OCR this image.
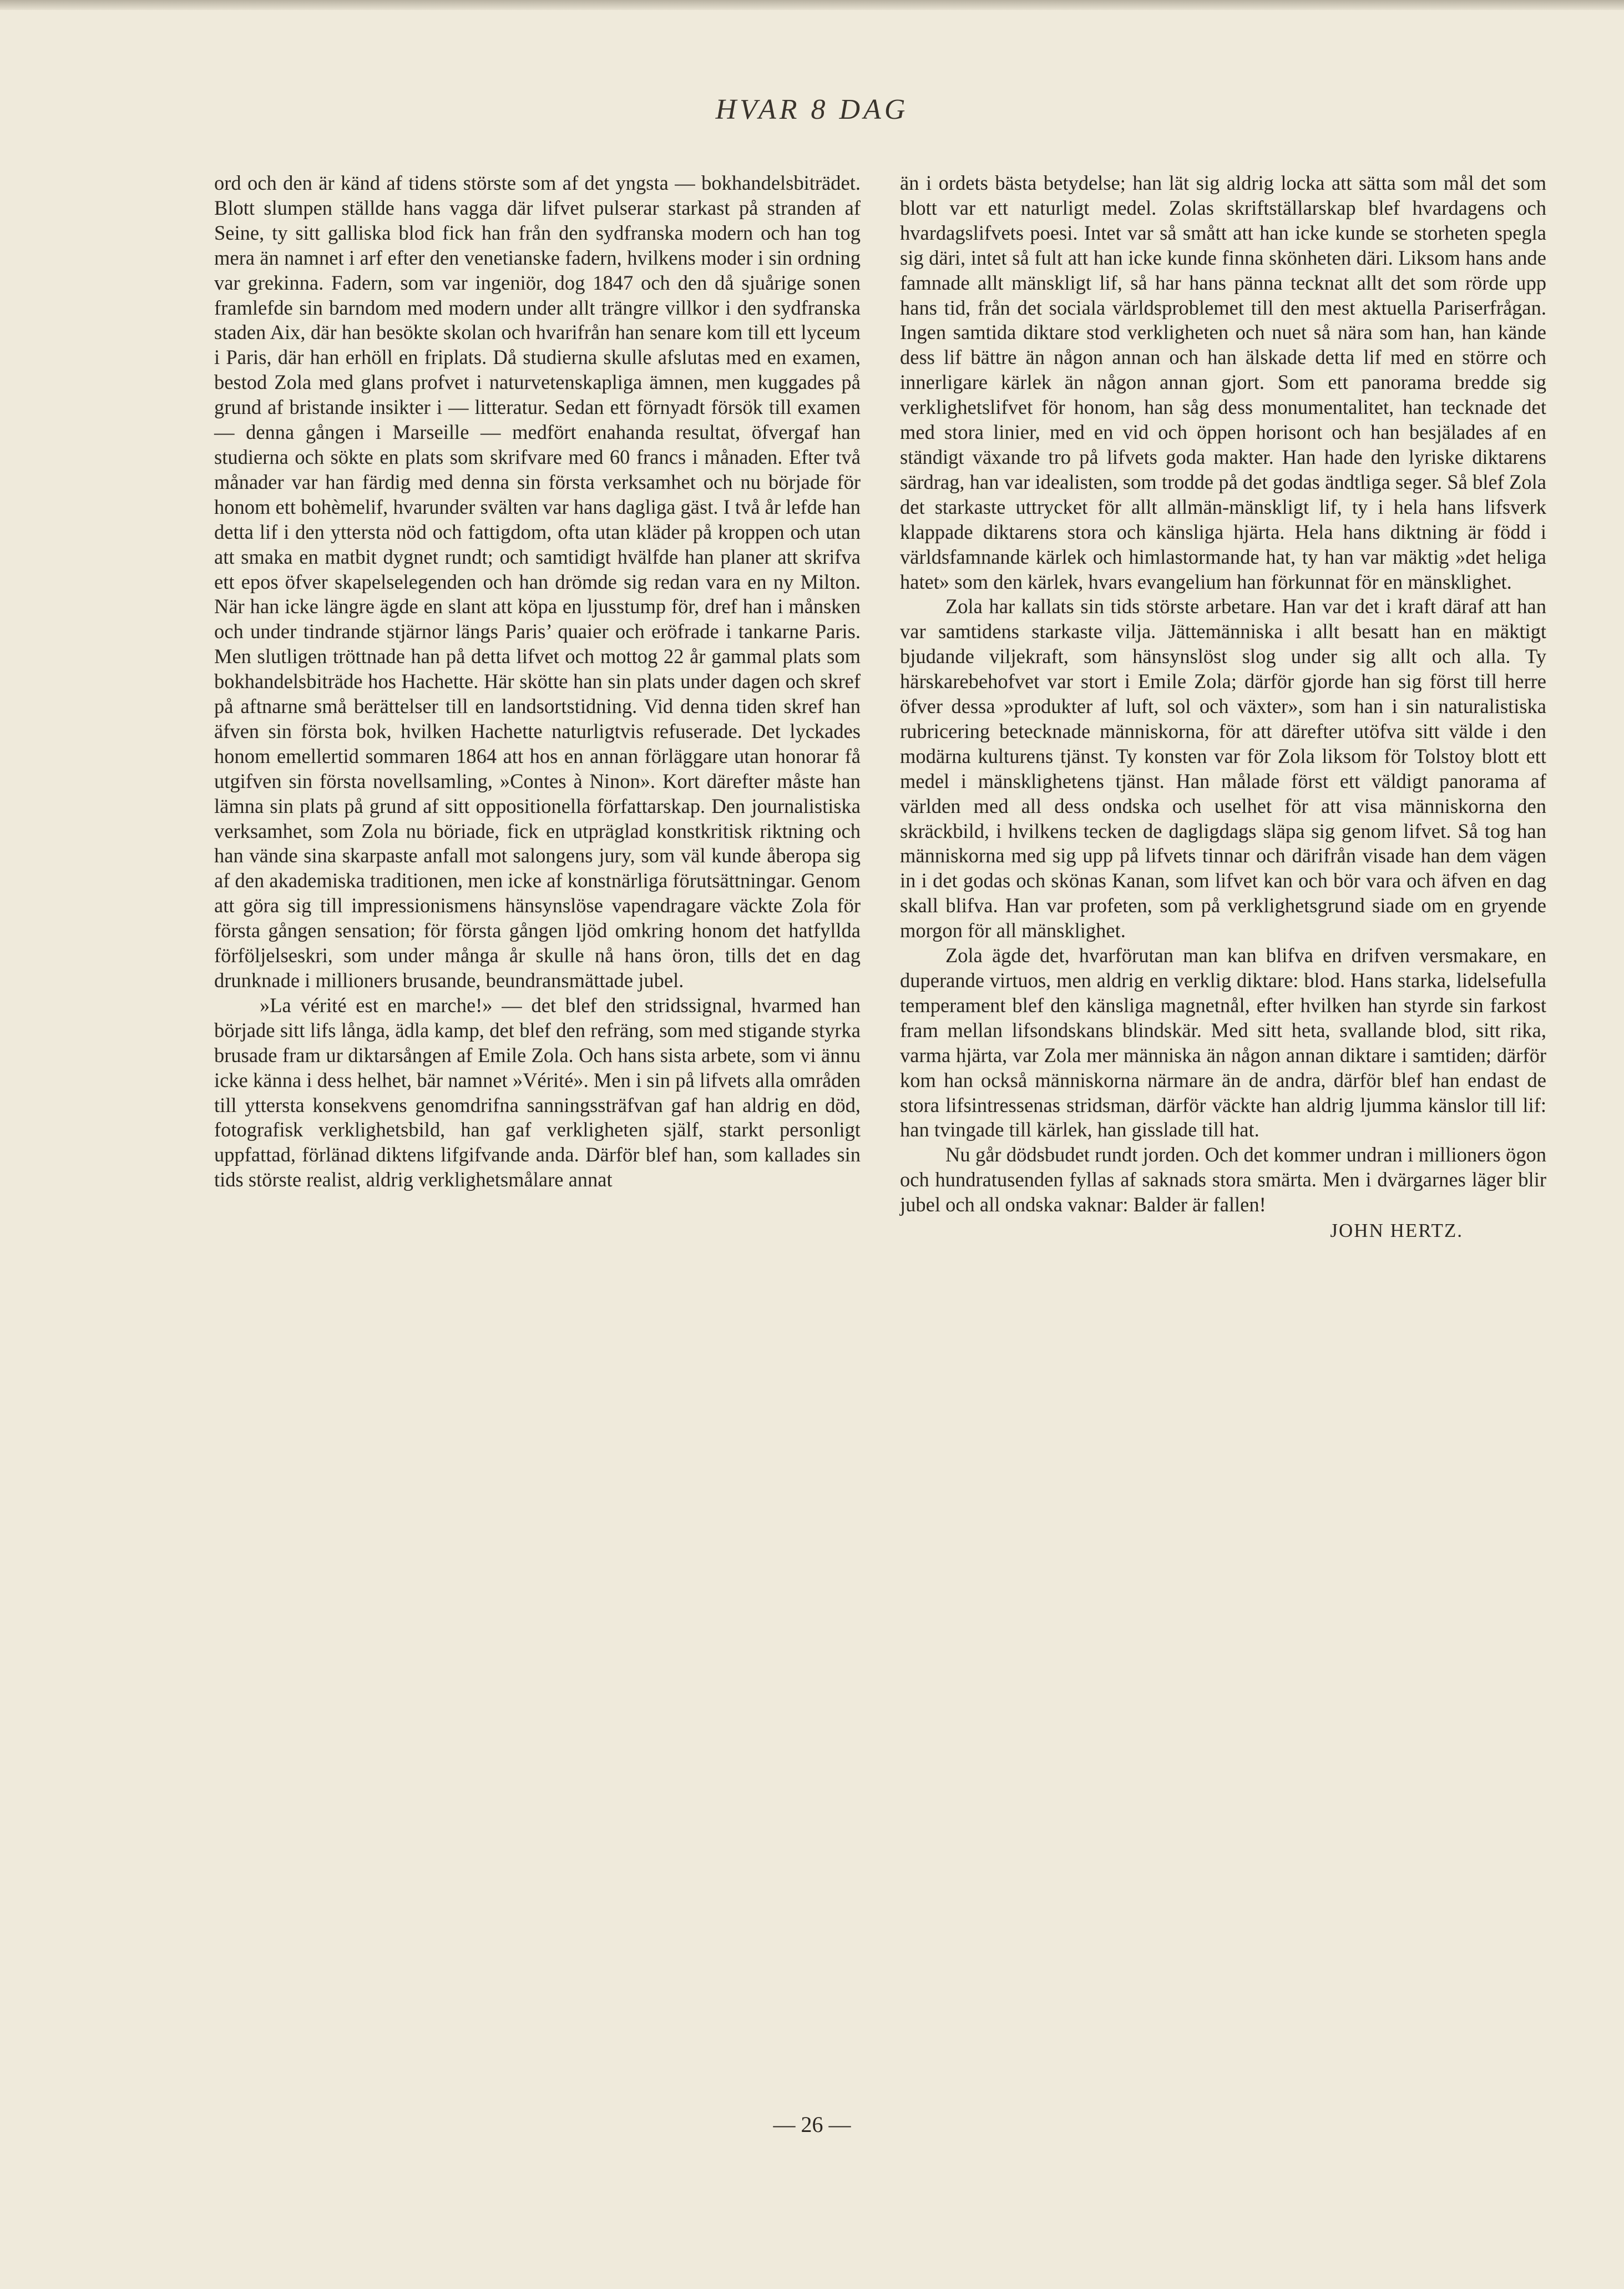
HVAR 8 DAG

ord och den är känd af tidens störste som af det yngsta — bokhandelsbiträdet. Blott slumpen ställde hans vagga där lifvet pulserar starkast på stranden af Seine, ty sitt galliska blod fick han från den sydfranska modern och han tog mera än namnet i arf efter den venetianske fadern, hvilkens moder i sin ordning var grekinna. Fadern, som var ingeniör, dog 1847 och den då sjuårige sonen framlefde sin barndom med modern under allt trängre villkor i den sydfranska staden Aix, där han besökte skolan och hvarifrån han senare kom till ett lyceum i Paris, där han erhöll en friplats. Då studierna skulle afslutas med en examen, bestod Zola med glans profvet i naturvetenskapliga ämnen, men kuggades på grund af bristande insikter i — litteratur. Sedan ett förnyadt försök till examen — denna gången i Marseille — medfört enahanda resultat, öfvergaf han studierna och sökte en plats som skrifvare med 60 francs i månaden. Efter två månader var han färdig med denna sin första verksamhet och nu började för honom ett bohèmelif, hvarunder svälten var hans dagliga gäst. I två år lefde han detta lif i den yttersta nöd och fattigdom, ofta utan kläder på kroppen och utan att smaka en matbit dygnet rundt; och samtidigt hvälfde han planer att skrifva ett epos öfver skapelselegenden och han drömde sig redan vara en ny Milton. När han icke längre ägde en slant att köpa en ljusstump för, dref han i månsken och under tindrande stjärnor längs Paris’ quaier och eröfrade i tankarne Paris. Men slutligen tröttnade han på detta lifvet och mottog 22 år gammal plats som bokhandelsbiträde hos Hachette. Här skötte han sin plats under dagen och skref på aftnarne små berättelser till en landsortstidning. Vid denna tiden skref han äfven sin första bok, hvilken Hachette naturligtvis refuserade. Det lyckades honom emellertid sommaren 1864 att hos en annan förläggare utan honorar få utgifven sin första novellsamling, »Contes à Ninon». Kort därefter måste han lämna sin plats på grund af sitt oppositionella författarskap. Den journalistiska verksamhet, som Zola nu böriade, fick en utpräglad konstkritisk riktning och han vände sina skarpaste anfall mot salongens jury, som väl kunde åberopa sig af den akademiska traditionen, men icke af konstnärliga förutsättningar. Genom att göra sig till impressionismens hänsynslöse vapendragare väckte Zola för första gången sensation; för första gången ljöd omkring honom det hatfyllda förföljelseskri, som under många år skulle nå hans öron, tills det en dag drunknade i millioners brusande, beundransmättade jubel.

»La vérité est en marche!» — det blef den stridssignal, hvarmed han började sitt lifs långa, ädla kamp, det blef den refräng, som med stigande styrka brusade fram ur diktarsången af Emile Zola. Och hans sista arbete, som vi ännu icke känna i dess helhet, bär namnet »Vérité». Men i sin på lifvets alla områden till yttersta konsekvens genomdrifna sanningssträfvan gaf han aldrig en död, fotografisk verklighetsbild, han gaf verkligheten själf, starkt personligt uppfattad, förlänad diktens lifgifvande anda. Därför blef han, som kallades sin tids störste realist, aldrig verklighetsmålare annat

än i ordets bästa betydelse; han lät sig aldrig locka att sätta som mål det som blott var ett naturligt medel. Zolas skriftställarskap blef hvardagens och hvardagslifvets poesi. Intet var så smått att han icke kunde se storheten spegla sig däri, intet så fult att han icke kunde finna skönheten däri. Liksom hans ande famnade allt mänskligt lif, så har hans pänna tecknat allt det som rörde upp hans tid, från det sociala världsproblemet till den mest aktuella Pariserfrågan. Ingen samtida diktare stod verkligheten och nuet så nära som han, han kände dess lif bättre än någon annan och han älskade detta lif med en större och innerligare kärlek än någon annan gjort. Som ett panorama bredde sig verklighetslifvet för honom, han såg dess monumentalitet, han tecknade det med stora linier, med en vid och öppen horisont och han besjälades af en ständigt växande tro på lifvets goda makter. Han hade den lyriske diktarens särdrag, han var idealisten, som trodde på det godas ändtliga seger. Så blef Zola det starkaste uttrycket för allt allmän-mänskligt lif, ty i hela hans lifsverk klappade diktarens stora och känsliga hjärta. Hela hans diktning är född i världsfamnande kärlek och himlastormande hat, ty han var mäktig »det heliga hatet» som den kärlek, hvars evangelium han förkunnat för en mänsklighet.

Zola har kallats sin tids störste arbetare. Han var det i kraft däraf att han var samtidens starkaste vilja. Jättemänniska i allt besatt han en mäktigt bjudande viljekraft, som hänsynslöst slog under sig allt och alla. Ty härskarebehofvet var stort i Emile Zola; därför gjorde han sig först till herre öfver dessa »produkter af luft, sol och växter», som han i sin naturalistiska rubricering betecknade människorna, för att därefter utöfva sitt välde i den modärna kulturens tjänst. Ty konsten var för Zola liksom för Tolstoy blott ett medel i mänsklighetens tjänst. Han målade först ett väldigt panorama af världen med all dess ondska och uselhet för att visa människorna den skräckbild, i hvilkens tecken de dagligdags släpa sig genom lifvet. Så tog han människorna med sig upp på lifvets tinnar och därifrån visade han dem vägen in i det godas och skönas Kanan, som lifvet kan och bör vara och äfven en dag skall blifva. Han var profeten, som på verklighetsgrund siade om en gryende morgon för all mänsklighet.

Zola ägde det, hvarförutan man kan blifva en drifven versmakare, en duperande virtuos, men aldrig en verklig diktare: blod. Hans starka, lidelsefulla temperament blef den känsliga magnetnål, efter hvilken han styrde sin farkost fram mellan lifsondskans blindskär. Med sitt heta, svallande blod, sitt rika, varma hjärta, var Zola mer människa än någon annan diktare i samtiden; därför kom han också människorna närmare än de andra, därför blef han endast de stora lifsintressenas stridsman, därför väckte han aldrig ljumma känslor till lif: han tvingade till kärlek, han gisslade till hat.

Nu går dödsbudet rundt jorden. Och det kommer undran i millioners ögon och hundratusenden fyllas af saknads stora smärta. Men i dvärgarnes läger blir jubel och all ondska vaknar: Balder är fallen!

JOHN HERTZ.
— 26 —
